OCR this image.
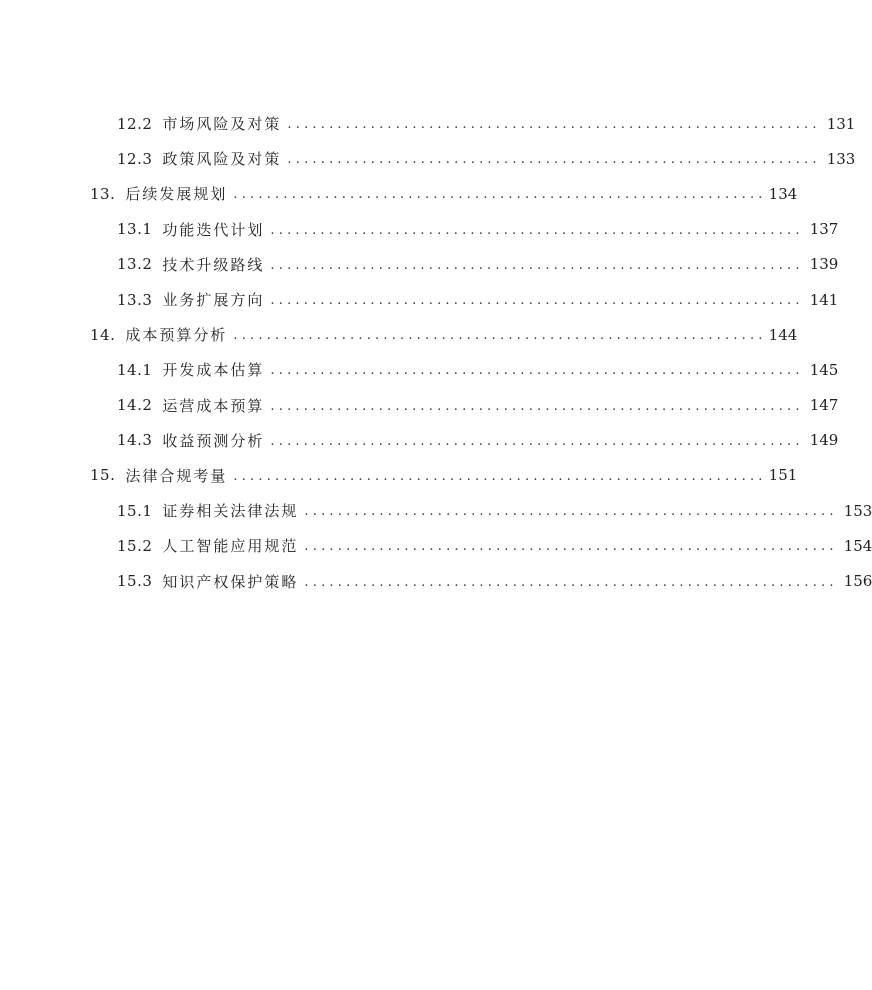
12.2 市场风险及对策 ................................................................ 131
12.3 政策风险及对策 ................................................................ 133
13. 后续发展规划 ................................................................ 134
13.1 功能迭代计划 ................................................................ 137
13.2 技术升级路线 ................................................................ 139
13.3 业务扩展方向 ................................................................ 141
14. 成本预算分析 ................................................................ 144
14.1 开发成本估算 ................................................................ 145
14.2 运营成本预算 ................................................................ 147
14.3 收益预测分析 ................................................................ 149
15. 法律合规考量 ................................................................ 151
15.1 证券相关法律法规 ................................................................ 153
15.2 人工智能应用规范 ................................................................ 154
15.3 知识产权保护策略 ................................................................ 156
